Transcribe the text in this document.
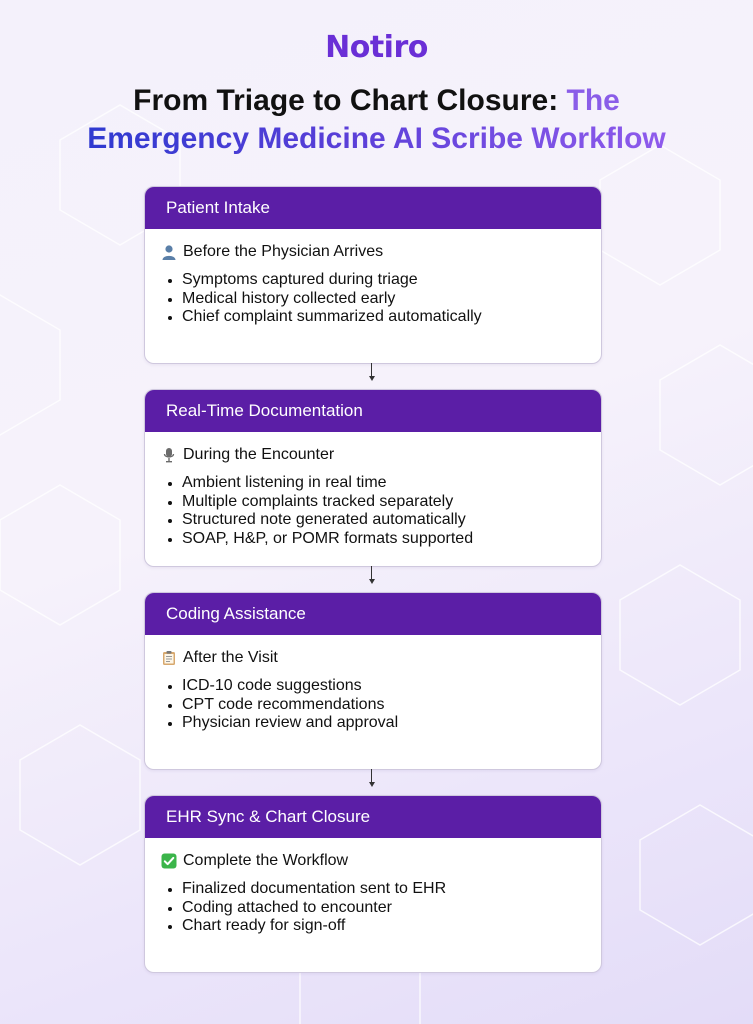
Notiro
From Triage to Chart Closure: The
Emergency Medicine AI Scribe Workflow
Patient Intake
Before the Physician Arrives
Symptoms captured during triage
Medical history collected early
Chief complaint summarized automatically
Real-Time Documentation
During the Encounter
Ambient listening in real time
Multiple complaints tracked separately
Structured note generated automatically
SOAP, H&P, or POMR formats supported
Coding Assistance
After the Visit
ICD-10 code suggestions
CPT code recommendations
Physician review and approval
EHR Sync & Chart Closure
Complete the Workflow
Finalized documentation sent to EHR
Coding attached to encounter
Chart ready for sign-off
